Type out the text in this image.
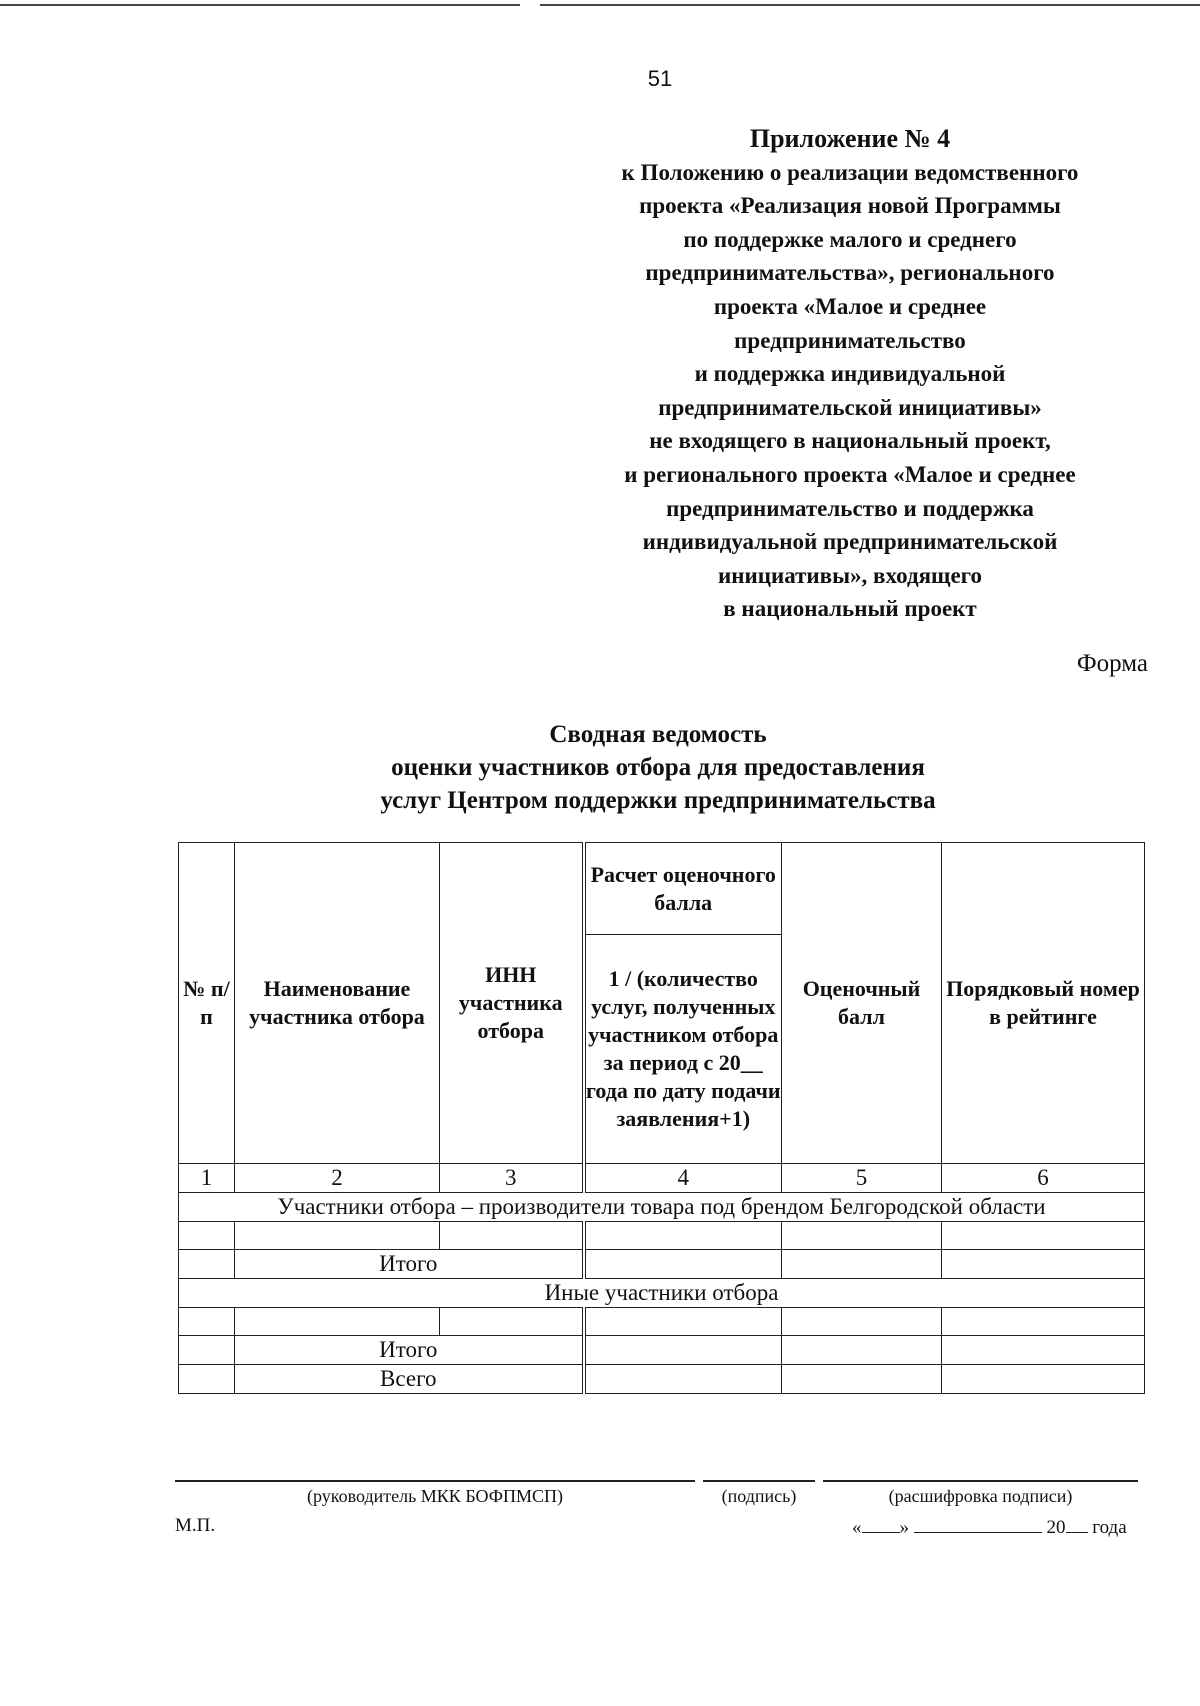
51
Приложение № 4
к Положению о реализации ведомственного
проекта «Реализация новой Программы
по поддержке малого и среднего
предпринимательства», регионального
проекта «Малое и среднее
предпринимательство
и поддержка индивидуальной
предпринимательской инициативы»
не входящего в национальный проект,
и регионального проекта «Малое и среднее
предпринимательство и поддержка
индивидуальной предпринимательской
инициативы», входящего
в национальный проект
Форма
Сводная ведомость
оценки участников отбора для предоставления
услуг Центром поддержки предпринимательства
№ п/п	Наименование участника отбора	ИНН участника отбора	Расчет оценочного балла
1 / (количество услуг, полученных участником отбора за период с 20__ года по дату подачи заявления+1)	Оценочный балл	Порядковый номер в рейтинге
1	2	3	4	5	6
Участники отбора – производители товара под брендом Белгородской области					

	Итого				
Иные участники отбора					

	Итого				
	Всего				
(руководитель МКК БОФПМСП)	(подпись)	(расшифровка подписи)
М.П.	« »	20 года
